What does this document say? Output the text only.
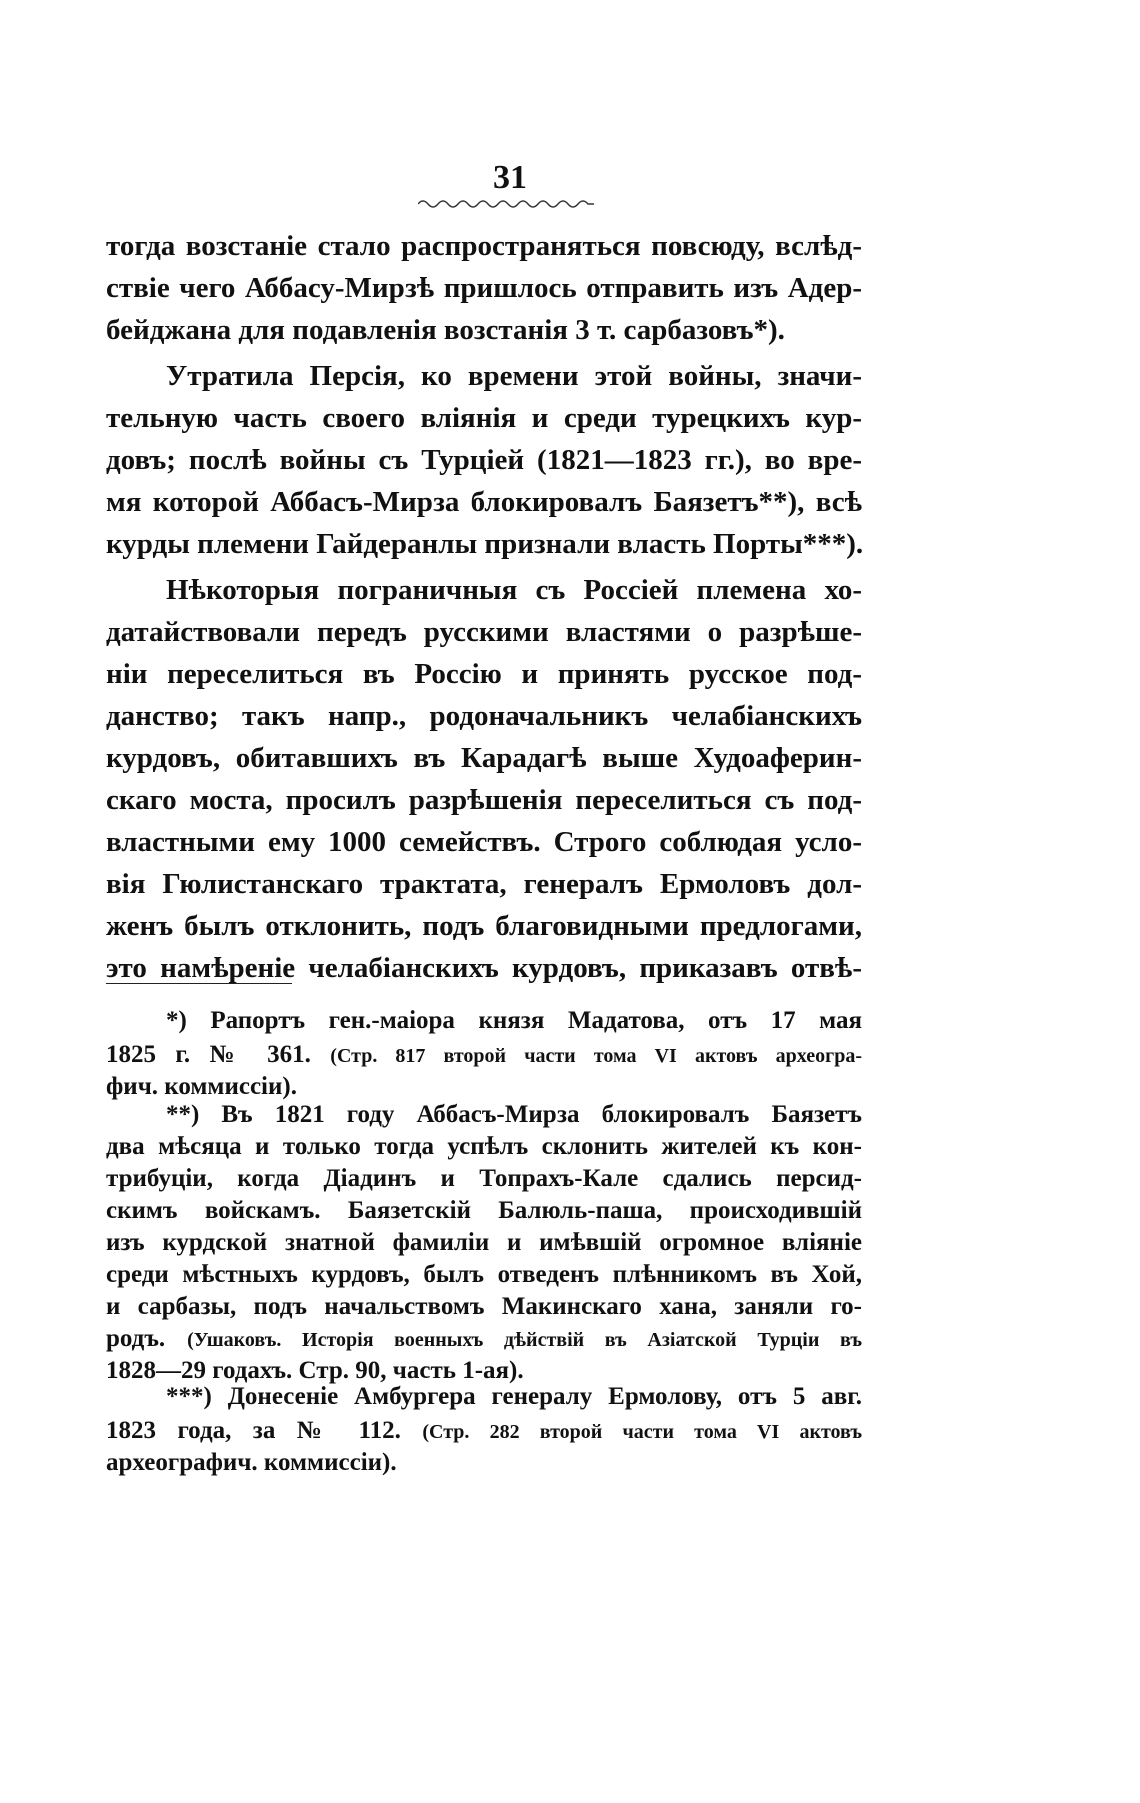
31
тогда возстаніе стало распространяться повсюду, вслѣд-
ствіе чего Аббасу-Мирзѣ пришлось отправить изъ Адер-
бейджана для подавленія возстанія 3 т. сарбазовъ*).
Утратила Персія, ко времени этой войны, значи-
тельную часть своего вліянія и среди турецкихъ кур-
довъ; послѣ войны съ Турціей (1821—1823 гг.), во вре-
мя которой Аббасъ-Мирза блокировалъ Баязетъ**), всѣ
курды племени Гайдеранлы признали власть Порты***).
Нѣкоторыя пограничныя съ Россіей племена хо-
датайствовали передъ русскими властями о разрѣше-
ніи переселиться въ Россію и принять русское под-
данство; такъ напр., родоначальникъ челабіанскихъ
курдовъ, обитавшихъ въ Карадагѣ выше Худоаферин-
скаго моста, просилъ разрѣшенія переселиться съ под-
властными ему 1000 семействъ. Строго соблюдая усло-
вія Гюлистанскаго трактата, генералъ Ермоловъ дол-
женъ былъ отклонить, подъ благовидными предлогами,
это намѣреніе челабіанскихъ курдовъ, приказавъ отвѣ-
*) Рапортъ ген.-маіора князя Мадатова, отъ 17 мая
1825 г. № 361. (Стр. 817 второй части тома VI актовъ археогра-
фич. коммиссіи).
**) Въ 1821 году Аббасъ-Мирза блокировалъ Баязетъ
два мѣсяца и только тогда успѣлъ склонить жителей къ кон-
трибуціи, когда Діадинъ и Топрахъ-Кале сдались персид-
скимъ войскамъ. Баязетскій Балюль-паша, происходившій
изъ курдской знатной фамиліи и имѣвшій огромное вліяніе
среди мѣстныхъ курдовъ, былъ отведенъ плѣнникомъ въ Хой,
и сарбазы, подъ начальствомъ Макинскаго хана, заняли го-
родъ. (Ушаковъ. Исторія военныхъ дѣйствій въ Азіатской Турціи въ
1828—29 годахъ. Стр. 90, часть 1-ая).
***) Донесеніе Амбургера генералу Ермолову, отъ 5 авг.
1823 года, за № 112. (Стр. 282 второй части тома VI актовъ
археографич. коммиссіи).
